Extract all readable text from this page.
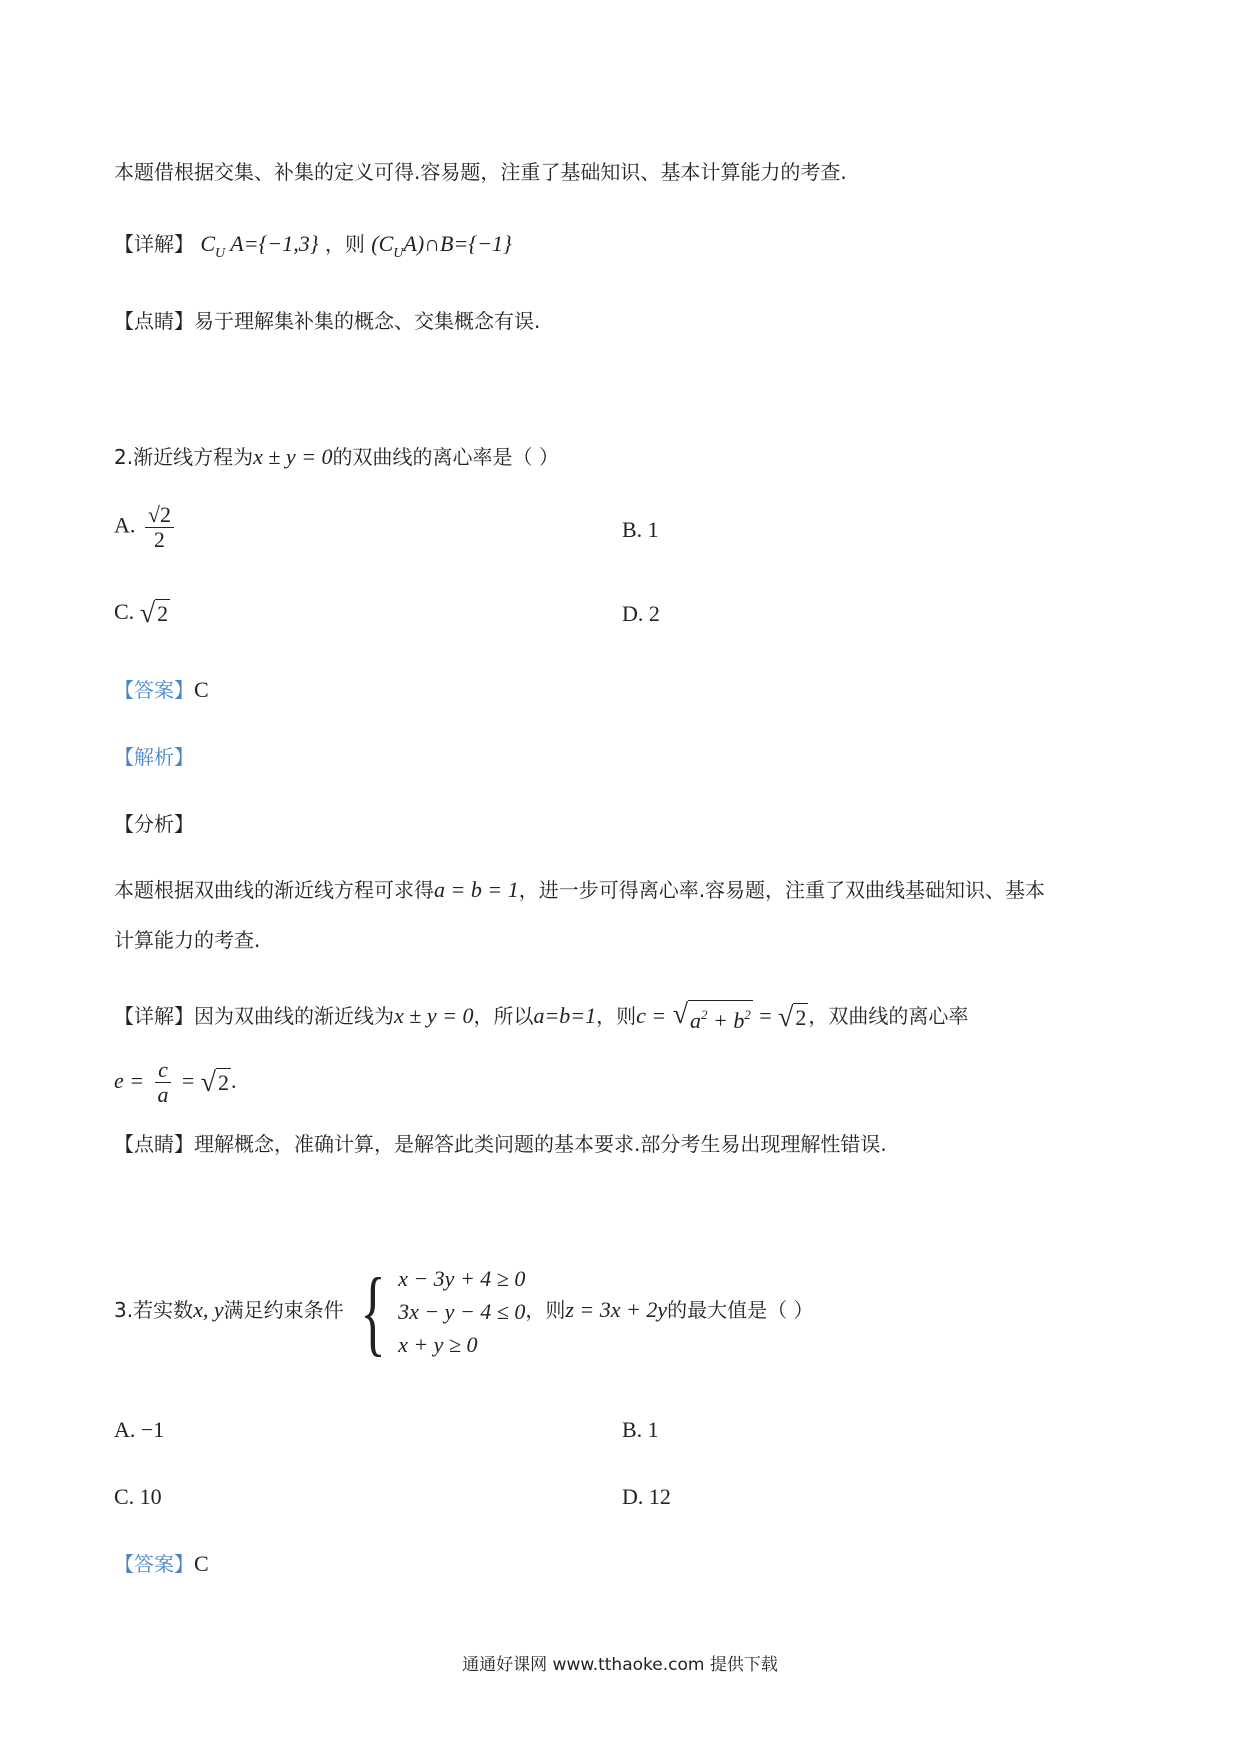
本题借根据交集、补集的定义可得.容易题，注重了基础知识、基本计算能力的考查.
【详解】 $C_U$ A={−1,3} ，则 $(C_UA)\cap B=\{-1\}$
【点睛】易于理解集补集的概念、交集概念有误.
2.渐近线方程为x ± y = 0的双曲线的离心率是（ ）
A. $\frac{√2}{2}$	B. 1
C. √ 2	D. 2
【答案】C
【解析】
【分析】
本题根据双曲线的渐近线方程可求得a = b = 1，进一步可得离心率.容易题，注重了双曲线基础知识、基本
计算能力的考查.
【详解】因为双曲线的渐近线为x ± y = 0，所以a=b=1，则c = √ $a^2 + b^2$ = √ 2 ，双曲线的离心率
$e = \frac{c}{a}$ = √ 2 .
【点睛】理解概念，准确计算，是解答此类问题的基本要求.部分考生易出现理解性错误.
3.若实数x, y满足约束条件 { x − 3y + 4 ≥ 0
3x − y − 4 ≤ 0
x + y ≥ 0
，则z = 3x + 2y的最大值是（ ）
A. −1	B. 1
C. 10	D. 12
【答案】C
通通好课网 www.tthaoke.com 提供下载
